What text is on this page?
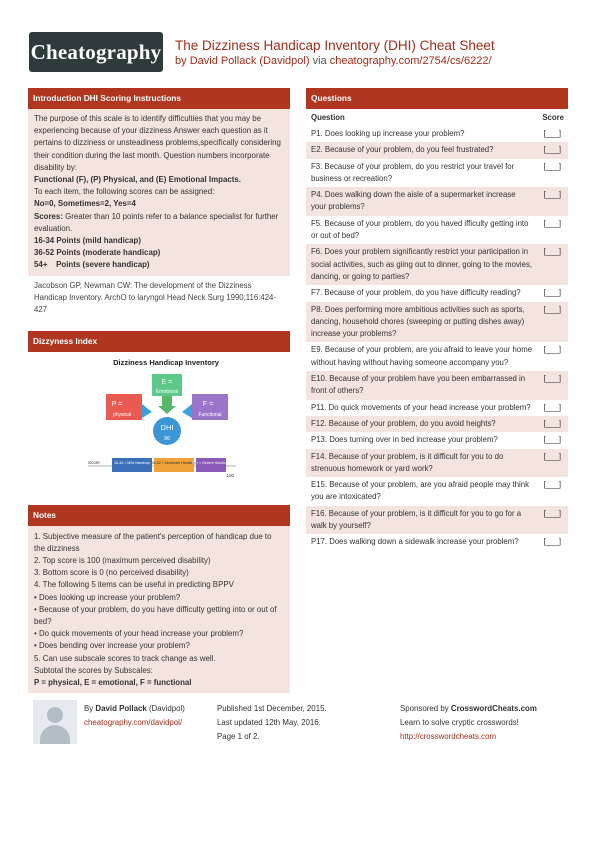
Cheatography The Dizziness Handicap Inventory (DHI) Cheat Sheet
by David Pollack (Davidpol) via cheatography.com/2754/cs/6222/
Introduction DHI Scoring Instructions

The purpose of this scale is to identify difficulties that you may be experiencing because of your dizziness Answer each question as it pertains to dizziness or unsteadiness problems,specifically considering their condition during the last month. Question numbers incorporate disability by:

Functional (F), (P) Physical, and (E) Emotional Impacts.

To each item, the following scores can be assigned:

No=0, Sometimes=2, Yes=4

Scores: Greater than 10 points refer to a balance specialist for further evaluation.

16-34 Points (mild handicap)

36-52 Points (moderate handicap)

54+    Points (severe handicap)

Jacobson GP, Newman CW: The development of the Dizziness Handicap Inventory. ArchO to laryngol Head Neck Surg 1990;116:424-427
Dizzyness Index
Dizziness Handicap Inventory
E =
Emotional
P =
physical
F =
Functional
DHI
96
Score	16-34 = Mild Handicap 36-52 = Moderate Handicap
54+ = Severe Handicap
100
Notes

1. Subjective measure of the patient's perception of handicap due to the dizziness

2. Top score is 100 (maximum perceived disability)

3. Bottom score is 0 (no perceived disability)

4. The following 5 items can be useful in predicting BPPV

• Does looking up increase your problem?

• Because of your problem, do you have difficulty getting into or out of bed?

• Do quick movements of your head increase your problem?

• Does bending over increase your problem?

5. Can use subscale scores to track change as well.

Subtotal the scores by Subscales:

P = physical, E = emotional, F = functional

Questions
Question	Score
P1. Does looking up increase your problem?	[___]
E2. Because of your problem, do you feel frustrated?	[___]
F3. Because of your problem, do you restrict your travel for business or recreation?	[___]
P4. Does walking down the aisle of a supermarket increase your problems?	[___]
F5. Because of your problem, do you haved ifficulty getting into or out of bed?	[___]
F6. Does your problem significantly restrict your participation in social activities, such as giing out to dinner, going to the movies, dancing, or going to parties?	[___]
F7. Because of your problem, do you have difficulty reading?	[___]
P8. Does performing more ambitious activities such as sports, dancing, household chores (sweeping or putting dishes away) increase your problems?	[___]
E9. Because of your problem, are you afraid to leave your home without having without having someone accompany you?	[___]
E10. Because of your problem have you been embarrassed in front of others?	[___]
P11. Do quick movements of your head increase your problem?	[___]
F12. Because of your problem, do you avoid heights?	[___]
P13. Does turning over in bed increase your problem?	[___]
F14. Because of your problem, is it difficult for you to do strenuous homework or yard work?	[___]
E15. Because of your problem, are you afraid people may think you are intoxicated?	[___]
F16. Because of your problem, is it difficult for you to go for a walk by yourself?	[___]
P17. Does walking down a sidewalk increase your problem?	[___]
By David Pollack (Davidpol)
cheatography.com/davidpol/
Published 1st December, 2015.
Last updated 12th May, 2016.
Page 1 of 2.
Sponsored by CrosswordCheats.com
Learn to solve cryptic crosswords!
http://crosswordcheats.com
